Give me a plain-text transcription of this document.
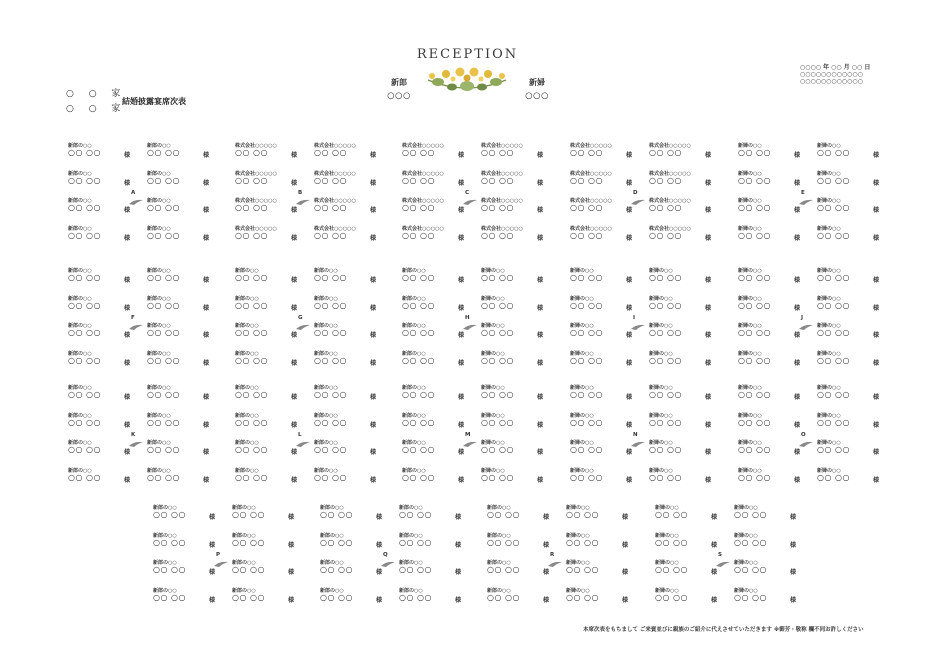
RECEPTION
新郎
○○○
新婦
○○○
○○○○ 年 ○○ 月 ○○ 日
○○○○○○○○○○○○
○○○○○○○○○○○○
○ ○ 家
○ ○ 家
結婚披露宴席次表
新郎の○○
○○ ○○	様
新郎の○○
○○ ○○	様
新郎の○○
○○ ○○	様
新郎の○○
○○ ○○	様
新郎の○○
○○ ○○	様
新郎の○○
○○ ○○	様
新郎の○○
○○ ○○	様
新郎の○○
○○ ○○	様
A
株式会社○○○○○
○○ ○○	様
株式会社○○○○○
○○ ○○	様
株式会社○○○○○
○○ ○○	様
株式会社○○○○○
○○ ○○	様
株式会社○○○○○
○○ ○○	様
株式会社○○○○○
○○ ○○	様
株式会社○○○○○
○○ ○○	様
株式会社○○○○○
○○ ○○	様
B
株式会社○○○○○
○○ ○○	様
株式会社○○○○○
○○ ○○	様
株式会社○○○○○
○○ ○○	様
株式会社○○○○○
○○ ○○	様
株式会社○○○○○
○○ ○○	様
株式会社○○○○○
○○ ○○	様
株式会社○○○○○
○○ ○○	様
株式会社○○○○○
○○ ○○	様
C
株式会社○○○○○
○○ ○○	様
株式会社○○○○○
○○ ○○	様
株式会社○○○○○
○○ ○○	様
株式会社○○○○○
○○ ○○	様
株式会社○○○○○
○○ ○○	様
株式会社○○○○○
○○ ○○	様
株式会社○○○○○
○○ ○○	様
株式会社○○○○○
○○ ○○	様
D
新婦の○○
○○ ○○	様
新婦の○○
○○ ○○	様
新婦の○○
○○ ○○	様
新婦の○○
○○ ○○	様
新婦の○○
○○ ○○	様
新婦の○○
○○ ○○	様
新婦の○○
○○ ○○	様
新婦の○○
○○ ○○	様
E
新郎の○○
○○ ○○	様
新郎の○○
○○ ○○	様
新郎の○○
○○ ○○	様
新郎の○○
○○ ○○	様
新郎の○○
○○ ○○	様
新郎の○○
○○ ○○	様
新郎の○○
○○ ○○	様
新郎の○○
○○ ○○	様
F
新郎の○○
○○ ○○	様
新郎の○○
○○ ○○	様
新郎の○○
○○ ○○	様
新郎の○○
○○ ○○	様
新郎の○○
○○ ○○	様
新郎の○○
○○ ○○	様
新郎の○○
○○ ○○	様
新郎の○○
○○ ○○	様
G
新郎の○○
○○ ○○	様
新郎の○○
○○ ○○	様
新郎の○○
○○ ○○	様
新郎の○○
○○ ○○	様
新婦の○○
○○ ○○	様
新婦の○○
○○ ○○	様
新婦の○○
○○ ○○	様
新婦の○○
○○ ○○	様
H
新婦の○○
○○ ○○	様
新婦の○○
○○ ○○	様
新婦の○○
○○ ○○	様
新婦の○○
○○ ○○	様
新婦の○○
○○ ○○	様
新婦の○○
○○ ○○	様
新婦の○○
○○ ○○	様
新婦の○○
○○ ○○	様
I
新婦の○○
○○ ○○	様
新婦の○○
○○ ○○	様
新婦の○○
○○ ○○	様
新婦の○○
○○ ○○	様
新婦の○○
○○ ○○	様
新婦の○○
○○ ○○	様
新婦の○○
○○ ○○	様
新婦の○○
○○ ○○	様
J
新郎の○○
○○ ○○	様
新郎の○○
○○ ○○	様
新郎の○○
○○ ○○	様
新郎の○○
○○ ○○	様
新郎の○○
○○ ○○	様
新郎の○○
○○ ○○	様
新郎の○○
○○ ○○	様
新郎の○○
○○ ○○	様
K
新郎の○○
○○ ○○	様
新郎の○○
○○ ○○	様
新郎の○○
○○ ○○	様
新郎の○○
○○ ○○	様
新郎の○○
○○ ○○	様
新郎の○○
○○ ○○	様
新郎の○○
○○ ○○	様
新郎の○○
○○ ○○	様
L
新郎の○○
○○ ○○	様
新郎の○○
○○ ○○	様
新郎の○○
○○ ○○	様
新郎の○○
○○ ○○	様
新婦の○○
○○ ○○	様
新婦の○○
○○ ○○	様
新婦の○○
○○ ○○	様
新婦の○○
○○ ○○	様
M
新婦の○○
○○ ○○	様
新婦の○○
○○ ○○	様
新婦の○○
○○ ○○	様
新婦の○○
○○ ○○	様
新婦の○○
○○ ○○	様
新婦の○○
○○ ○○	様
新婦の○○
○○ ○○	様
新婦の○○
○○ ○○	様
N
新婦の○○
○○ ○○	様
新婦の○○
○○ ○○	様
新婦の○○
○○ ○○	様
新婦の○○
○○ ○○	様
新婦の○○
○○ ○○	様
新婦の○○
○○ ○○	様
新婦の○○
○○ ○○	様
新婦の○○
○○ ○○	様
O
新郎の○○
○○ ○○	様
新郎の○○
○○ ○○	様
新郎の○○
○○ ○○	様
新郎の○○
○○ ○○	様
新郎の○○
○○ ○○	様
新郎の○○
○○ ○○	様
新郎の○○
○○ ○○	様
新郎の○○
○○ ○○	様
P
新郎の○○
○○ ○○	様
新郎の○○
○○ ○○	様
新郎の○○
○○ ○○	様
新郎の○○
○○ ○○	様
新郎の○○
○○ ○○	様
新郎の○○
○○ ○○	様
新郎の○○
○○ ○○	様
新郎の○○
○○ ○○	様
Q
新郎の○○
○○ ○○	様
新郎の○○
○○ ○○	様
新郎の○○
○○ ○○	様
新郎の○○
○○ ○○	様
新婦の○○
○○ ○○	様
新婦の○○
○○ ○○	様
新婦の○○
○○ ○○	様
新婦の○○
○○ ○○	様
R
新婦の○○
○○ ○○	様
新婦の○○
○○ ○○	様
新婦の○○
○○ ○○	様
新婦の○○
○○ ○○	様
新婦の○○
○○ ○○	様
新婦の○○
○○ ○○	様
新婦の○○
○○ ○○	様
新婦の○○
○○ ○○	様
S
本席次表をもちまして ご来賓並びに親族のご紹介に代えさせていただきます ※御芳・敬称 欄不同お許しください
